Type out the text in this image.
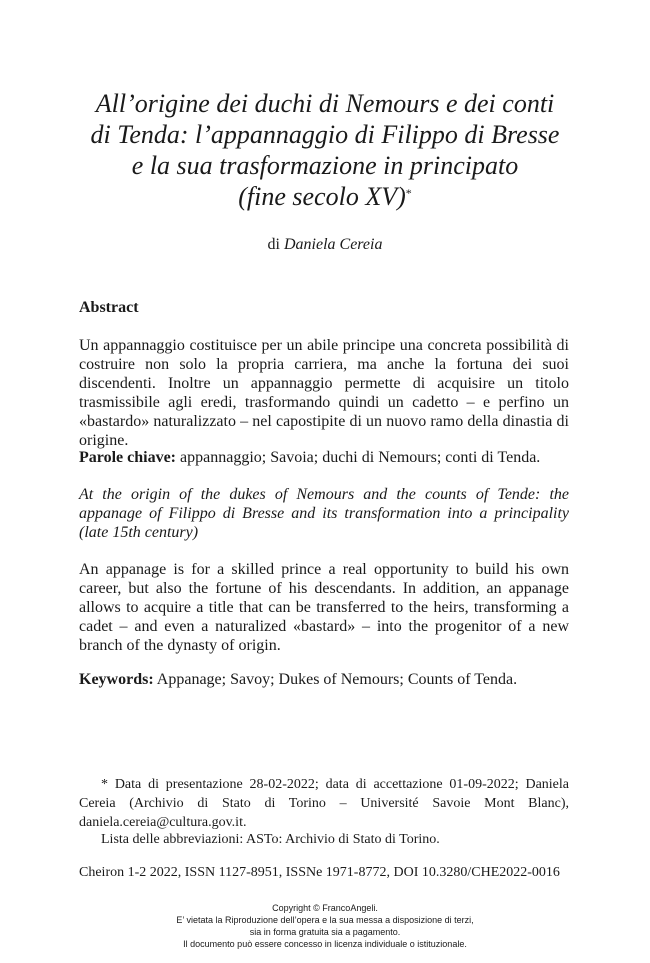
All’origine dei duchi di Nemours e dei conti
di Tenda: l’appannaggio di Filippo di Bresse
e la sua trasformazione in principato
(fine secolo XV)*
di Daniela Cereia
Abstract
Un appannaggio costituisce per un abile principe una concreta possibilità di costruire non solo la propria carriera, ma anche la fortuna dei suoi discendenti. Inoltre un appannaggio permette di acquisire un titolo trasmissibile agli eredi, trasformando quindi un cadetto – e perfino un «bastardo» naturalizzato – nel capostipite di un nuovo ramo della dinastia di origine.
Parole chiave: appannaggio; Savoia; duchi di Nemours; conti di Tenda.
At the origin of the dukes of Nemours and the counts of Tende: the appanage of Filippo di Bresse and its transformation into a principality (late 15th century)
An appanage is for a skilled prince a real opportunity to build his own career, but also the fortune of his descendants. In addition, an appanage allows to acquire a title that can be transferred to the heirs, transforming a cadet – and even a naturalized «bastard» – into the progenitor of a new branch of the dynasty of origin.
Keywords: Appanage; Savoy; Dukes of Nemours; Counts of Tenda.
* Data di presentazione 28-02-2022; data di accettazione 01-09-2022; Daniela Cereia (Archivio di Stato di Torino – Université Savoie Mont Blanc), daniela.cereia@cultura.gov.it.
Lista delle abbreviazioni: ASTo: Archivio di Stato di Torino.
Cheiron 1-2 2022, ISSN 1127-8951, ISSNe 1971-8772, DOI 10.3280/CHE2022-0016
Copyright © FrancoAngeli.
E’ vietata la Riproduzione dell’opera e la sua messa a disposizione di terzi,
sia in forma gratuita sia a pagamento.
Il documento può essere concesso in licenza individuale o istituzionale.
